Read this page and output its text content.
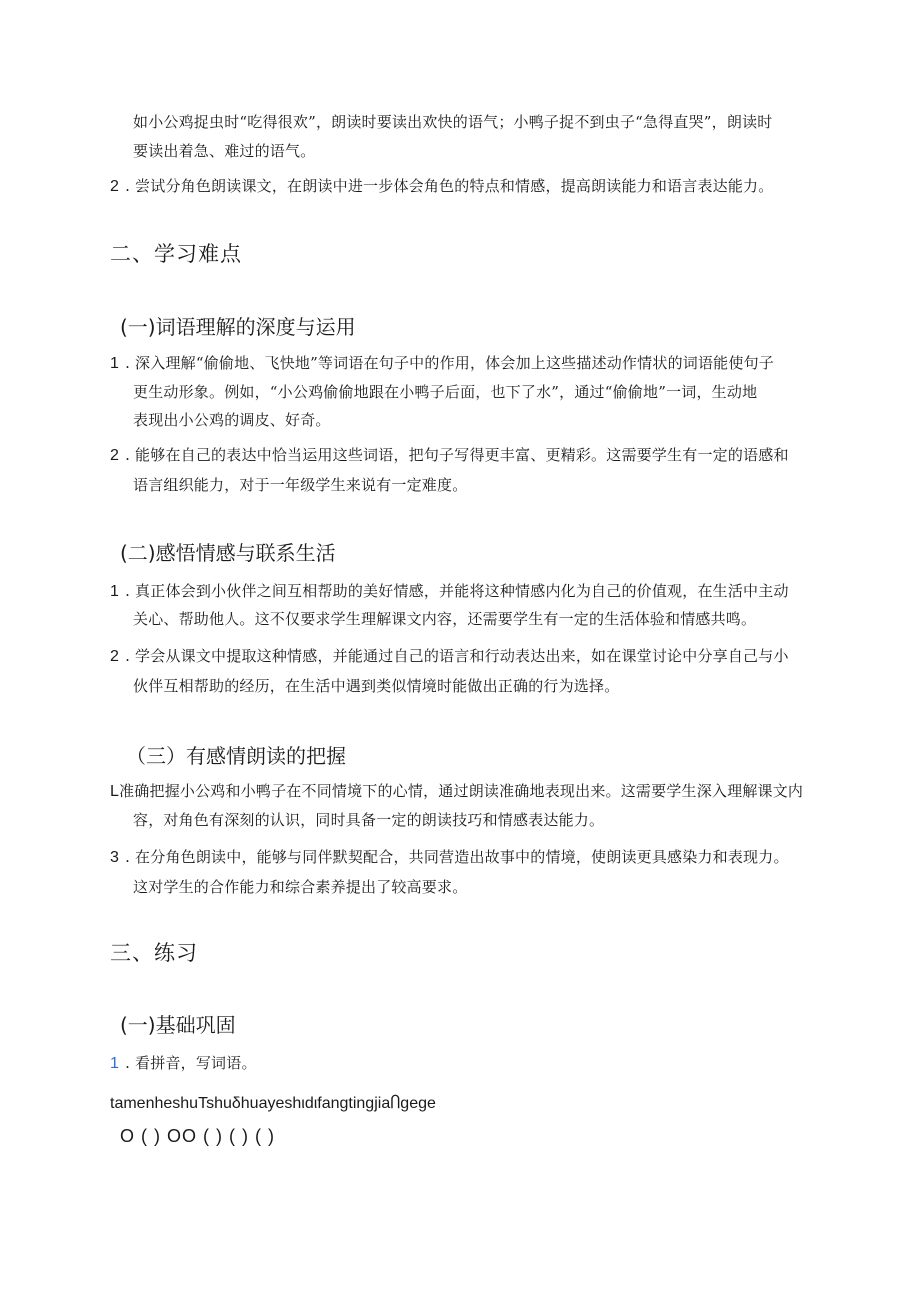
如小公鸡捉虫时“吃得很欢”，朗读时要读出欢快的语气；小鸭子捉不到虫子“急得直哭”，朗读时
要读出着急、难过的语气。
2 . 尝试分角色朗读课文，在朗读中进一步体会角色的特点和情感，提高朗读能力和语言表达能力。
二、学习难点
(一)词语理解的深度与运用
1 . 深入理解“偷偷地、飞快地”等词语在句子中的作用，体会加上这些描述动作情状的词语能使句子
更生动形象。例如，“小公鸡偷偷地跟在小鸭子后面，也下了水”，通过“偷偷地”一词，生动地
表现出小公鸡的调皮、好奇。
2 . 能够在自己的表达中恰当运用这些词语，把句子写得更丰富、更精彩。这需要学生有一定的语感和
语言组织能力，对于一年级学生来说有一定难度。
(二)感悟情感与联系生活
1 . 真正体会到小伙伴之间互相帮助的美好情感，并能将这种情感内化为自己的价值观，在生活中主动
关心、帮助他人。这不仅要求学生理解课文内容，还需要学生有一定的生活体验和情感共鸣。
2 . 学会从课文中提取这种情感，并能通过自己的语言和行动表达出来，如在课堂讨论中分享自己与小
伙伴互相帮助的经历，在生活中遇到类似情境时能做出正确的行为选择。
（三）有感情朗读的把握
L准确把握小公鸡和小鸭子在不同情境下的心情，通过朗读准确地表现出来。这需要学生深入理解课文内
容，对角色有深刻的认识，同时具备一定的朗读技巧和情感表达能力。
3 . 在分角色朗读中，能够与同伴默契配合，共同营造出故事中的情境，使朗读更具感染力和表现力。
这对学生的合作能力和综合素养提出了较高要求。
三、练习
(一)基础巩固
1 . 看拼音，写词语。
tamenheshuTshuδhuayeshιdιfangtingjiaႶgege
O ( ) OO ( ) ( ) ( )
